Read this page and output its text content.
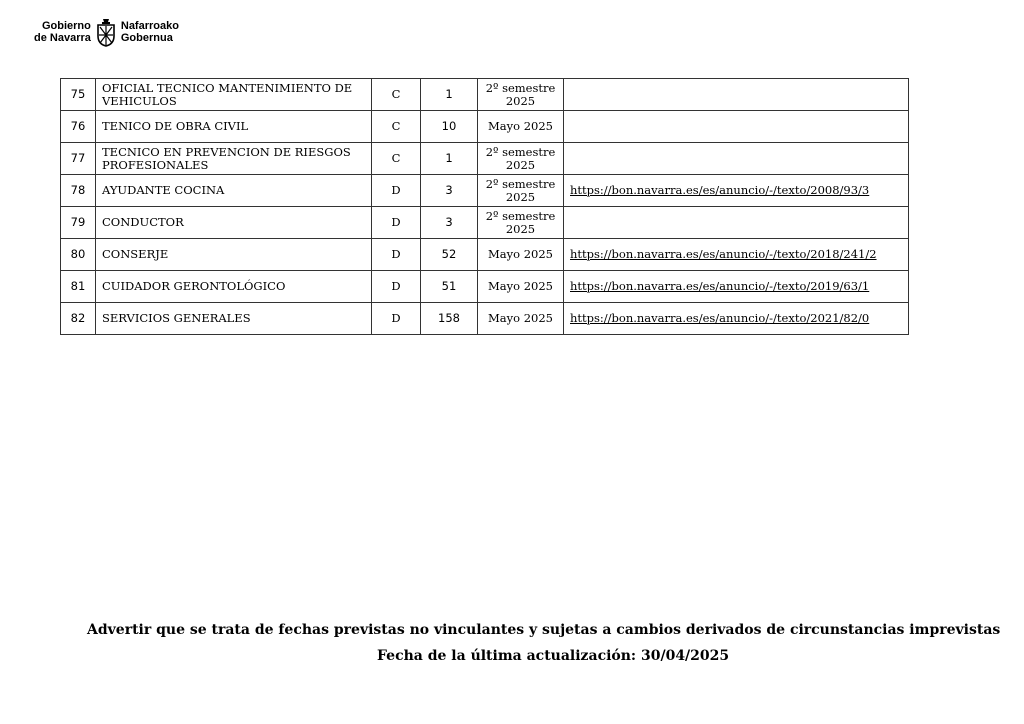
Gobierno
de Navarra
Nafarroako
Gobernua
75	OFICIAL TECNICO MANTENIMIENTO DE VEHICULOS	C	1	2º semestre 2025	
76	TENICO DE OBRA CIVIL	C	10	Mayo 2025	
77	TECNICO EN PREVENCION DE RIESGOS PROFESIONALES	C	1	2º semestre 2025	
78	AYUDANTE COCINA	D	3	2º semestre 2025	https://bon.navarra.es/es/anuncio/-/texto/2008/93/3
79	CONDUCTOR	D	3	2º semestre 2025	
80	CONSERJE	D	52	Mayo 2025	https://bon.navarra.es/es/anuncio/-/texto/2018/241/2
81	CUIDADOR GERONTOLÓGICO	D	51	Mayo 2025	https://bon.navarra.es/es/anuncio/-/texto/2019/63/1
82	SERVICIOS GENERALES	D	158	Mayo 2025	https://bon.navarra.es/es/anuncio/-/texto/2021/82/0
Advertir que se trata de fechas previstas no vinculantes y sujetas a cambios derivados de circunstancias imprevistas
Fecha de la última actualización: 30/04/2025
